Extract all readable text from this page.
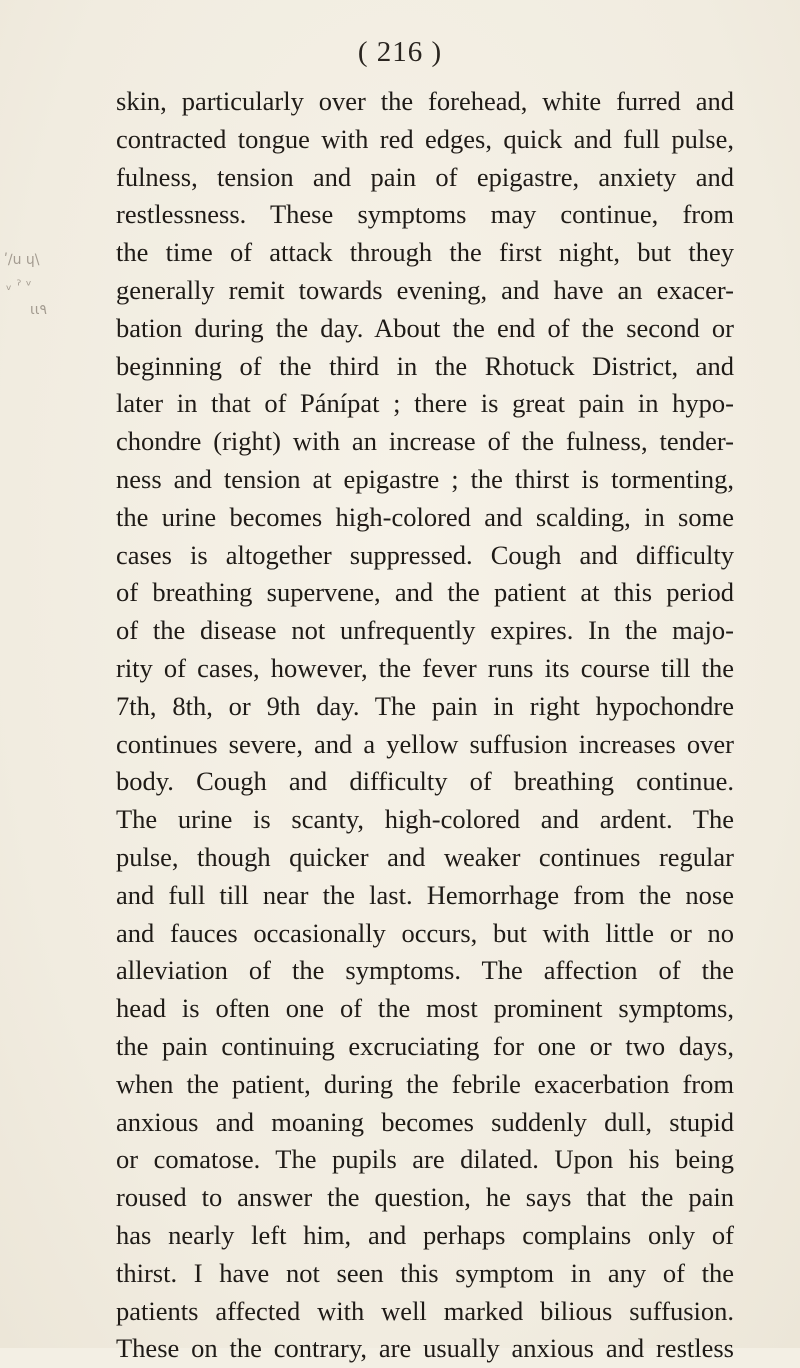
( 216 )
ʹ∕u ɥ\
ᵥ ˀ ᵛ
ɩɩ٩
skin, particularly over the forehead, white furred and
contracted tongue with red edges, quick and full pulse,
fulness, tension and pain of epigastre, anxiety and
restlessness. These symptoms may continue, from
the time of attack through the first night, but they
generally remit towards evening, and have an exacer-
bation during the day. About the end of the second or
beginning of the third in the Rhotuck District, and
later in that of Pánípat ; there is great pain in hypo-
chondre (right) with an increase of the fulness, tender-
ness and tension at epigastre ; the thirst is tormenting,
the urine becomes high-colored and scalding, in some
cases is altogether suppressed. Cough and difficulty
of breathing supervene, and the patient at this period
of the disease not unfrequently expires. In the majo-
rity of cases, however, the fever runs its course till the
7th, 8th, or 9th day. The pain in right hypochondre
continues severe, and a yellow suffusion increases over
body. Cough and difficulty of breathing continue.
The urine is scanty, high-colored and ardent. The
pulse, though quicker and weaker continues regular
and full till near the last. Hemorrhage from the nose
and fauces occasionally occurs, but with little or no
alleviation of the symptoms. The affection of the
head is often one of the most prominent symptoms,
the pain continuing excruciating for one or two days,
when the patient, during the febrile exacerbation from
anxious and moaning becomes suddenly dull, stupid
or comatose. The pupils are dilated. Upon his being
roused to answer the question, he says that the pain
has nearly left him, and perhaps complains only of
thirst. I have not seen this symptom in any of the
patients affected with well marked bilious suffusion.
These on the contrary, are usually anxious and restless
